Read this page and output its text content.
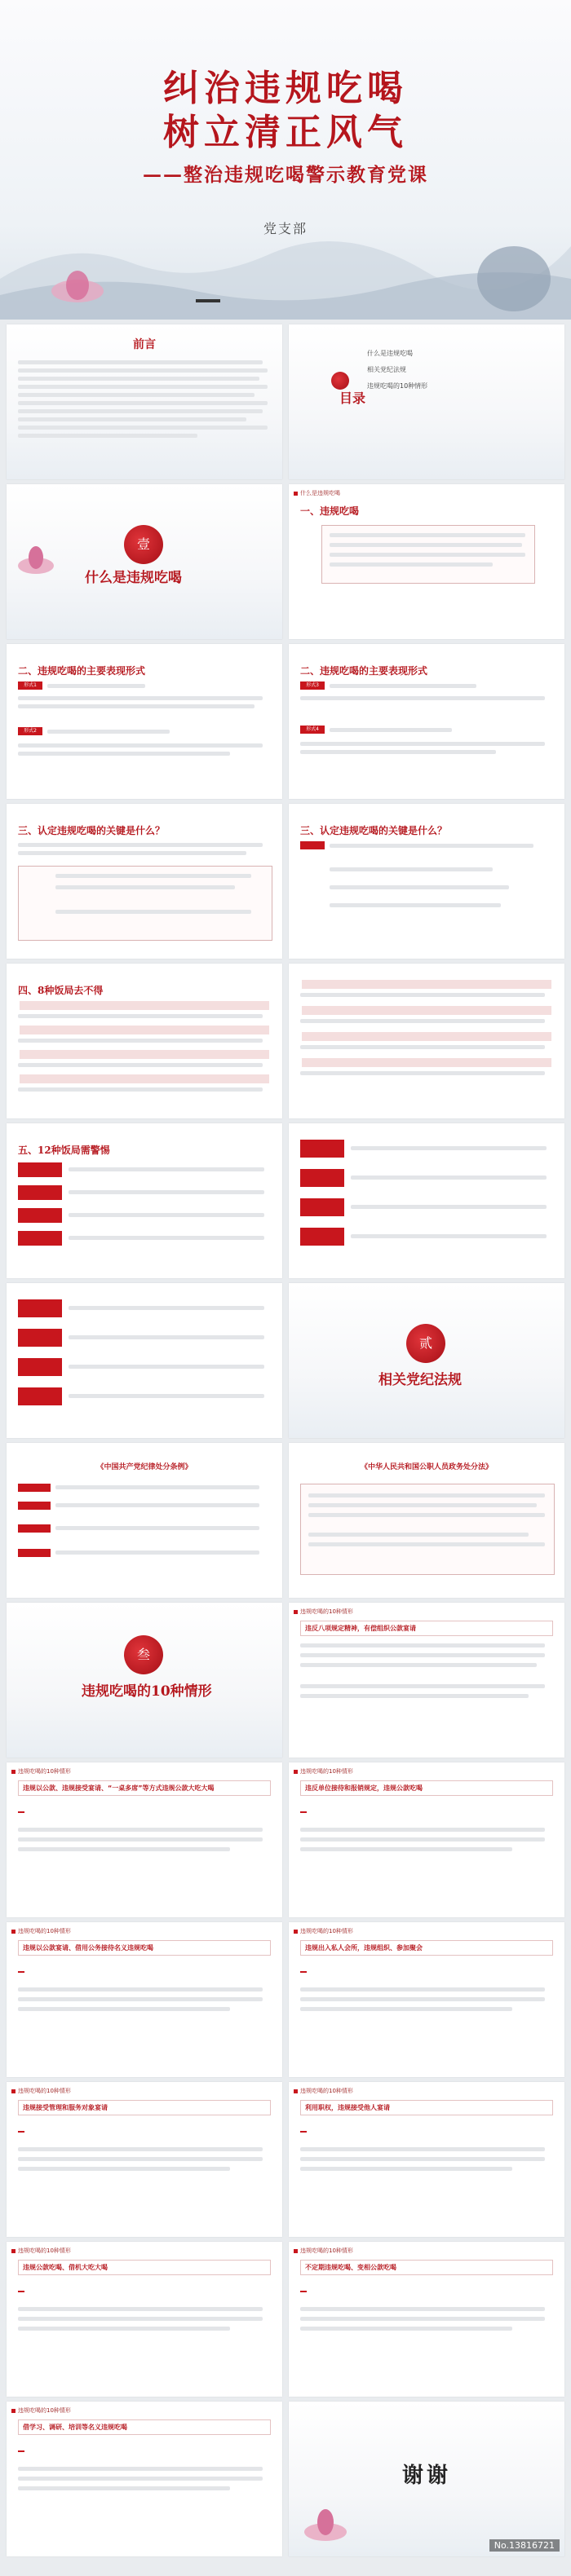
纠治违规吃喝
树立清正风气
——整治违规吃喝警示教育党课
党支部
前言
目录
什么是违规吃喝
相关党纪法规
违规吃喝的10种情形
壹
什么是违规吃喝
什么是违规吃喝
一、违规吃喝
二、违规吃喝的主要表现形式
形式1
形式2
二、违规吃喝的主要表现形式
形式3
形式4
三、认定违规吃喝的关键是什么？	三、认定违规吃喝的关键是什么？
四、8种饭局去不得
五、12种饭局需警惕
贰
相关党纪法规
《中国共产党纪律处分条例》	《中华人民共和国公职人员政务处分法》
叁
违规吃喝的10种情形
违规吃喝的10种情形
违反八项规定精神，有偿组织公款宴请
违规吃喝的10种情形
违规以公款、违规接受宴请、“一桌多席”等方式违规公款大吃大喝
违规吃喝的10种情形
违反单位接待和报销规定，违规公款吃喝
违规吃喝的10种情形
违规以公款宴请、借用公务接待名义违规吃喝
违规吃喝的10种情形
违规出入私人会所，违规组织、参加聚会
违规吃喝的10种情形
违规接受管理和服务对象宴请
违规吃喝的10种情形
利用职权，违规接受他人宴请
违规吃喝的10种情形
违规公款吃喝、借机大吃大喝
违规吃喝的10种情形
不定期违规吃喝、变相公款吃喝
违规吃喝的10种情形
借学习、调研、培训等名义违规吃喝
谢谢
No.13816721
